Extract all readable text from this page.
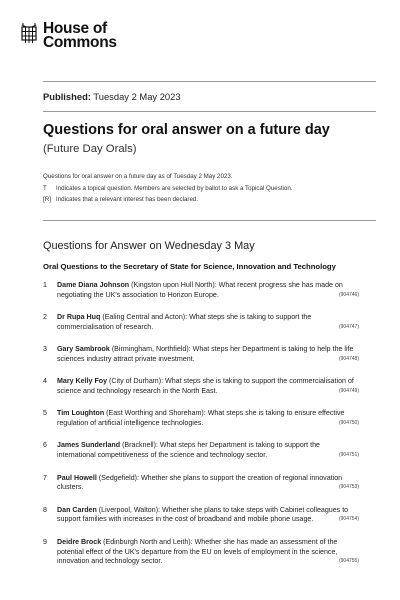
House of
Commons
Published: Tuesday 2 May 2023
Questions for oral answer on a future day
(Future Day Orals)
Questions for oral answer on a future day as of Tuesday 2 May 2023.
T	Indicates a topical question. Members are selected by ballot to ask a Topical Question.
[R] Indicates that a relevant interest has been declared.
Questions for Answer on Wednesday 3 May
Oral Questions to the Secretary of State for Science, Innovation and Technology
1	Dame Diana Johnson (Kingston upon Hull North): What recent progress she has made on negotiating the UK's association to Horizon Europe.	(904746)
2	Dr Rupa Huq (Ealing Central and Acton): What steps she is taking to support the commercialisation of research.	(904747)
3	Gary Sambrook (Birmingham, Northfield): What steps her Department is taking to help the life sciences industry attract private investment.	(904748)
4	Mary Kelly Foy (City of Durham): What steps she is taking to support the commercialisation of science and technology research in the North East.	(904749)
5	Tim Loughton (East Worthing and Shoreham): What steps she is taking to ensure effective regulation of artificial intelligence technologies.	(904750)
6	James Sunderland (Bracknell): What steps her Department is taking to support the international competitiveness of the science and technology sector.	(904751)
7	Paul Howell (Sedgefield): Whether she plans to support the creation of regional innovation clusters.	(904753)
8	Dan Carden (Liverpool, Walton): Whether she plans to take steps with Cabinet colleagues to support families with increases in the cost of broadband and mobile phone usage.	(904754)
9	Deidre Brock (Edinburgh North and Leith): Whether she has made an assessment of the potential effect of the UK's departure from the EU on levels of employment in the science, innovation and technology sector.	(904755)
